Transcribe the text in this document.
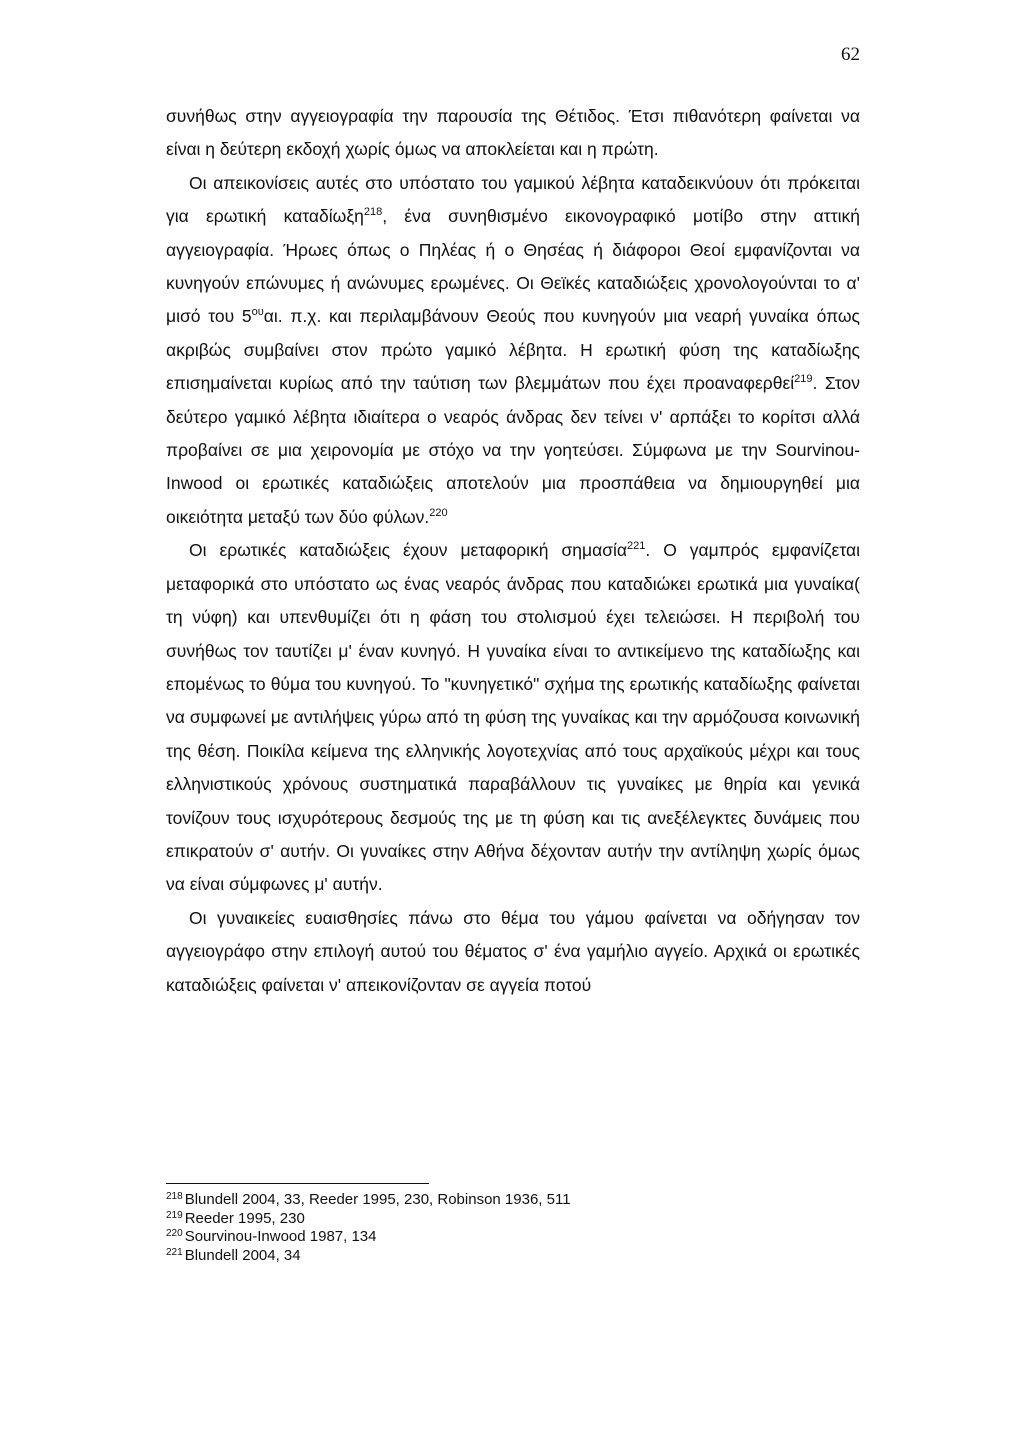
62

συνήθως στην αγγειογραφία την παρουσία της Θέτιδος. Έτσι πιθανότερη φαίνεται να είναι η δεύτερη εκδοχή χωρίς όμως να αποκλείεται και η πρώτη.

Οι απεικονίσεις αυτές στο υπόστατο του γαμικού λέβητα καταδεικνύουν ότι πρόκειται για ερωτική καταδίωξη$^{218}$, ένα συνηθισμένο εικονογραφικό μοτίβο στην αττική αγγειογραφία. Ήρωες όπως ο Πηλέας ή ο Θησέας ή διάφοροι Θεοί εμφανίζονται να κυνηγούν επώνυμες ή ανώνυμες ερωμένες. Οι Θεϊκές καταδιώξεις χρονολογούνται το α' μισό του $5^{o\upsilon}\alpha\iota$. π.χ. και περιλαμβάνουν Θεούς που κυνηγούν μια νεαρή γυναίκα όπως ακριβώς συμβαίνει στον πρώτο γαμικό λέβητα. Η ερωτική φύση της καταδίωξης επισημαίνεται κυρίως από την ταύτιση των βλεμμάτων που έχει προαναφερθεί$^{219}$. Στον δεύτερο γαμικό λέβητα ιδιαίτερα ο νεαρός άνδρας δεν τείνει ν' αρπάξει το κορίτσι αλλά προβαίνει σε μια χειρονομία με στόχο να την γοητεύσει. Σύμφωνα με την Sourvinou- Inwood οι ερωτικές καταδιώξεις αποτελούν μια προσπάθεια να δημιουργηθεί μια οικειότητα μεταξύ των δύο φύλων.$^{220}$

Οι ερωτικές καταδιώξεις έχουν μεταφορική σημασία$^{221}$. Ο γαμπρός εμφανίζεται μεταφορικά στο υπόστατο ως ένας νεαρός άνδρας που καταδιώκει ερωτικά μια γυναίκα( τη νύφη) και υπενθυμίζει ότι η φάση του στολισμού έχει τελειώσει. Η περιβολή του συνήθως τον ταυτίζει μ' έναν κυνηγό. Η γυναίκα είναι το αντικείμενο της καταδίωξης και επομένως το θύμα του κυνηγού. Το "κυνηγετικό" σχήμα της ερωτικής καταδίωξης φαίνεται να συμφωνεί με αντιλήψεις γύρω από τη φύση της γυναίκας και την αρμόζουσα κοινωνική της θέση. Ποικίλα κείμενα της ελληνικής λογοτεχνίας από τους αρχαϊκούς μέχρι και τους ελληνιστικούς χρόνους συστηματικά παραβάλλουν τις γυναίκες με θηρία και γενικά τονίζουν τους ισχυρότερους δεσμούς της με τη φύση και τις ανεξέλεγκτες δυνάμεις που επικρατούν σ' αυτήν. Οι γυναίκες στην Αθήνα δέχονταν αυτήν την αντίληψη χωρίς όμως να είναι σύμφωνες μ' αυτήν.

Οι γυναικείες ευαισθησίες πάνω στο θέμα του γάμου φαίνεται να οδήγησαν τον αγγειογράφο στην επιλογή αυτού του θέματος σ' ένα γαμήλιο αγγείο. Αρχικά οι ερωτικές καταδιώξεις φαίνεται ν' απεικονίζονταν σε αγγεία ποτού

$^{218}$ Blundell 2004, 33, Reeder 1995, 230, Robinson 1936, 511
$^{219}$ Reeder 1995, 230
$^{220}$ Sourvinou-Inwood 1987, 134
$^{221}$ Blundell 2004, 34
